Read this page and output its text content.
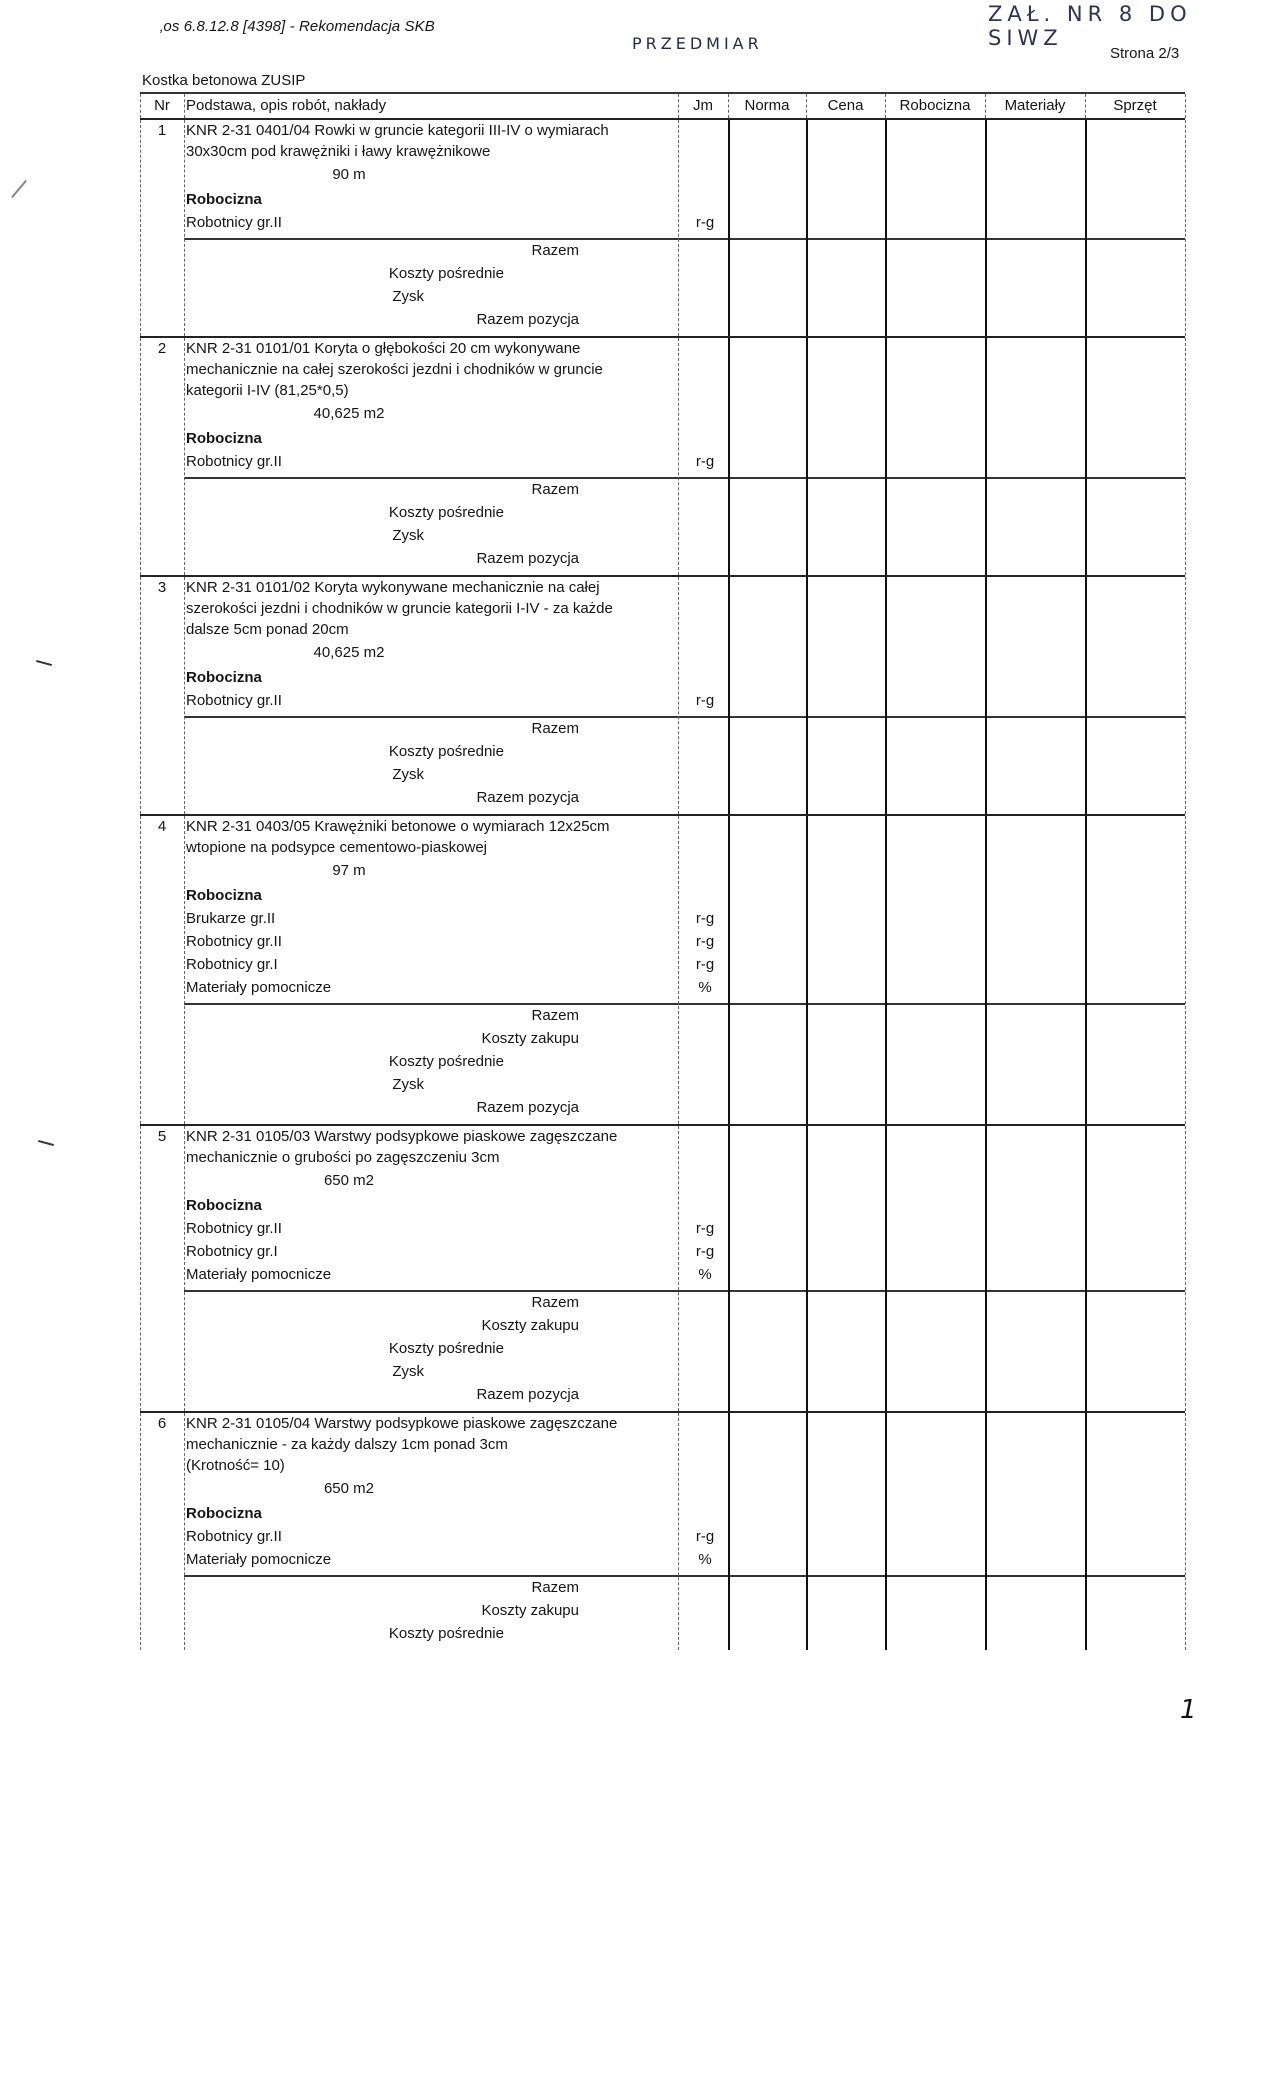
‚os 6.8.12.8 [4398] - Rekomendacja SKB
PRZEDMIAR
ZAŁ. NR 8 DO SIWZ
Strona 2/3
Kostka betonowa ZUSIP
1
Nr	Podstawa, opis robót, nakłady	Jm	Norma	Cena	Robocizna	Materiały	Sprzęt
1	KNR 2-31 0401/04 Rowki w gruncie kategorii III-IV o wymiarach
30x30cm pod krawężniki i ławy krawężnikowe
90 m
Robocizna
Robotnicy gr.II	r-g
Razem
Koszty pośrednie
Zysk
Razem pozycja
2	KNR 2-31 0101/01 Koryta o głębokości 20 cm wykonywane
mechanicznie na całej szerokości jezdni i chodników w gruncie
kategorii I-IV (81,25*0,5)
40,625 m2
Robocizna
Robotnicy gr.II	r-g
Razem
Koszty pośrednie
Zysk
Razem pozycja
3	KNR 2-31 0101/02 Koryta wykonywane mechanicznie na całej
szerokości jezdni i chodników w gruncie kategorii I-IV - za każde
dalsze 5cm ponad 20cm
40,625 m2
Robocizna
Robotnicy gr.II	r-g
Razem
Koszty pośrednie
Zysk
Razem pozycja
4	KNR 2-31 0403/05 Krawężniki betonowe o wymiarach 12x25cm
wtopione na podsypce cementowo-piaskowej
97 m
Robocizna
Brukarze gr.II	r-g
Robotnicy gr.II	r-g
Robotnicy gr.I	r-g
Materiały pomocnicze	%
Razem
Koszty zakupu
Koszty pośrednie
Zysk
Razem pozycja
5	KNR 2-31 0105/03 Warstwy podsypkowe piaskowe zagęszczane
mechanicznie o grubości po zagęszczeniu 3cm
650 m2
Robocizna
Robotnicy gr.II	r-g
Robotnicy gr.I	r-g
Materiały pomocnicze	%
Razem
Koszty zakupu
Koszty pośrednie
Zysk
Razem pozycja
6	KNR 2-31 0105/04 Warstwy podsypkowe piaskowe zagęszczane
mechanicznie - za każdy dalszy 1cm ponad 3cm
(Krotność= 10)
650 m2
Robocizna
Robotnicy gr.II	r-g
Materiały pomocnicze	%
Razem
Koszty zakupu
Koszty pośrednie
